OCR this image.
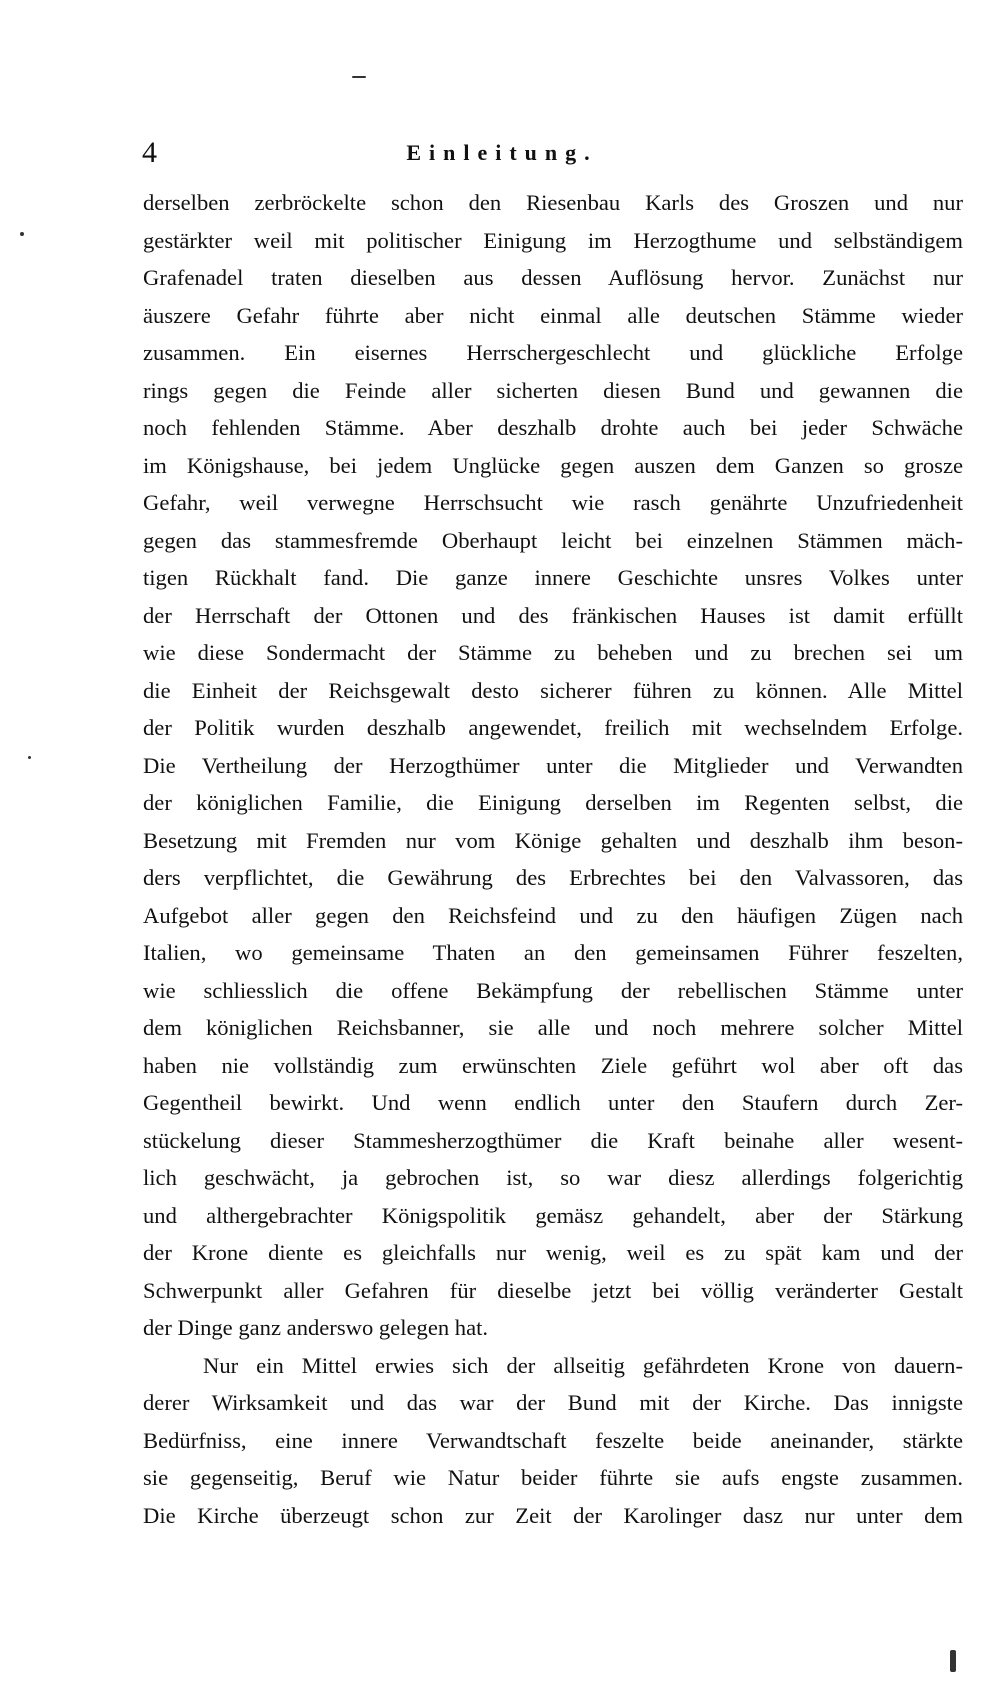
4	Einleitung.
derselben zerbröckelte schon den Riesenbau Karls des Groszen und nur
gestärkter weil mit politischer Einigung im Herzogthume und selbständigem
Grafenadel traten dieselben aus dessen Auflösung hervor. Zunächst nur
äuszere Gefahr führte aber nicht einmal alle deutschen Stämme wieder
zusammen. Ein eisernes Herrschergeschlecht und glückliche Erfolge
rings gegen die Feinde aller sicherten diesen Bund und gewannen die
noch fehlenden Stämme. Aber deszhalb drohte auch bei jeder Schwäche
im Königshause, bei jedem Unglücke gegen auszen dem Ganzen so grosze
Gefahr, weil verwegne Herrschsucht wie rasch genährte Unzufriedenheit
gegen das stammesfremde Oberhaupt leicht bei einzelnen Stämmen mäch-
tigen Rückhalt fand. Die ganze innere Geschichte unsres Volkes unter
der Herrschaft der Ottonen und des fränkischen Hauses ist damit erfüllt
wie diese Sondermacht der Stämme zu beheben und zu brechen sei um
die Einheit der Reichsgewalt desto sicherer führen zu können. Alle Mittel
der Politik wurden deszhalb angewendet, freilich mit wechselndem Erfolge.
Die Vertheilung der Herzogthümer unter die Mitglieder und Verwandten
der königlichen Familie, die Einigung derselben im Regenten selbst, die
Besetzung mit Fremden nur vom Könige gehalten und deszhalb ihm beson-
ders verpflichtet, die Gewährung des Erbrechtes bei den Valvassoren, das
Aufgebot aller gegen den Reichsfeind und zu den häufigen Zügen nach
Italien, wo gemeinsame Thaten an den gemeinsamen Führer feszelten,
wie schliesslich die offene Bekämpfung der rebellischen Stämme unter
dem königlichen Reichsbanner, sie alle und noch mehrere solcher Mittel
haben nie vollständig zum erwünschten Ziele geführt wol aber oft das
Gegentheil bewirkt. Und wenn endlich unter den Staufern durch Zer-
stückelung dieser Stammesherzogthümer die Kraft beinahe aller wesent-
lich geschwächt, ja gebrochen ist, so war diesz allerdings folgerichtig
und althergebrachter Königspolitik gemäsz gehandelt, aber der Stärkung
der Krone diente es gleichfalls nur wenig, weil es zu spät kam und der
Schwerpunkt aller Gefahren für dieselbe jetzt bei völlig veränderter Gestalt
der Dinge ganz anderswo gelegen hat.
Nur ein Mittel erwies sich der allseitig gefährdeten Krone von dauern-
derer Wirksamkeit und das war der Bund mit der Kirche. Das innigste
Bedürfniss, eine innere Verwandtschaft feszelte beide aneinander, stärkte
sie gegenseitig, Beruf wie Natur beider führte sie aufs engste zusammen.
Die Kirche überzeugt schon zur Zeit der Karolinger dasz nur unter dem
